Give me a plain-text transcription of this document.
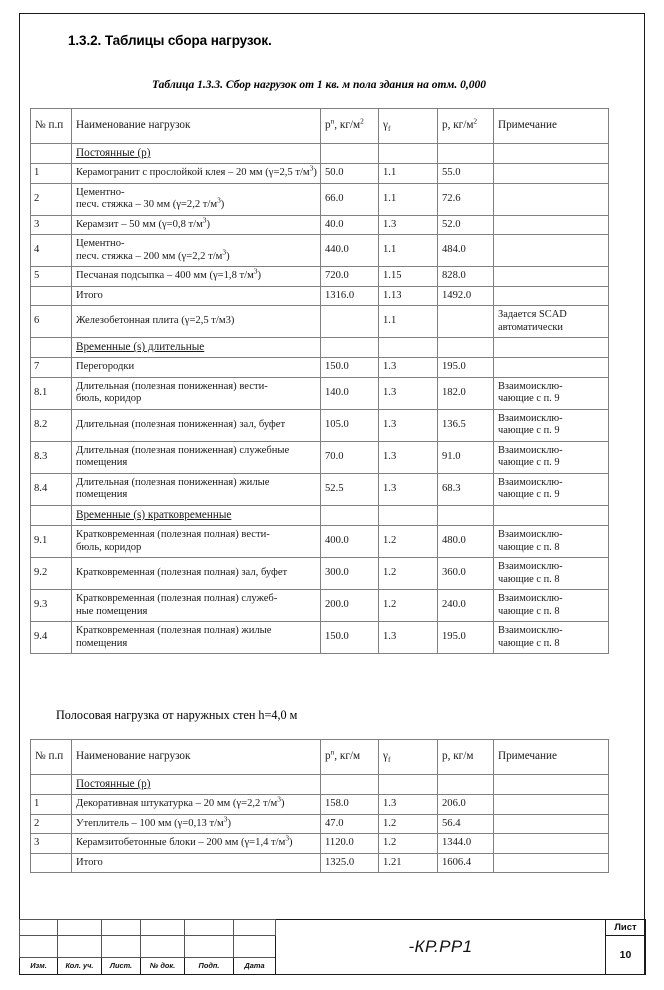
1.3.2. Таблицы сбора нагрузок.
Таблица 1.3.3. Сбор нагрузок от 1 кв. м пола здания на отм. 0,000
№ п.п	Наименование нагрузок	$p^n$, $кг/м^2$	$\gamma_f$	p, $кг/м^2$	Примечание
	Постоянные (p)				
1	Керамогранит с прослойкой клея – 20 мм (γ=2,5 $т/м^3$)	50.0	1.1	55.0	
2	Цементно-
песч. стяжка – 30 мм (γ=2,2 $т/м^3$)	66.0	1.1	72.6	
3	Керамзит – 50 мм (γ=0,8 $т/м^3$)	40.0	1.3	52.0	
4	Цементно-
песч. стяжка – 200 мм (γ=2,2 $т/м^3$)	440.0	1.1	484.0	
5	Песчаная подсыпка – 400 мм (γ=1,8 $т/м^3$)	720.0	1.15	828.0	
	Итого	1316.0	1.13	1492.0	
6	Железобетонная плита (γ=2,5 т/м3)		1.1		Задается SCAD автоматически
	Временные (s) длительные				
7	Перегородки	150.0	1.3	195.0	
8.1	Длительная (полезная пониженная) вести-
бюль, коридор	140.0	1.3	182.0	Взаимоисклю-
чающие с п. 9
8.2	Длительная (полезная пониженная) зал, буфет	105.0	1.3	136.5	Взаимоисклю-
чающие с п. 9
8.3	Длительная (полезная пониженная) служебные помещения	70.0	1.3	91.0	Взаимоисклю-
чающие с п. 9
8.4	Длительная (полезная пониженная) жилые помещения	52.5	1.3	68.3	Взаимоисклю-
чающие с п. 9
	Временные (s) кратковременные				
9.1	Кратковременная (полезная полная) вести-
бюль, коридор	400.0	1.2	480.0	Взаимоисклю-
чающие с п. 8
9.2	Кратковременная (полезная полная) зал, буфет	300.0	1.2	360.0	Взаимоисклю-
чающие с п. 8
9.3	Кратковременная (полезная полная) служеб-
ные помещения	200.0	1.2	240.0	Взаимоисклю-
чающие с п. 8
9.4	Кратковременная (полезная полная) жилые помещения	150.0	1.3	195.0	Взаимоисклю-
чающие с п. 8
Полосовая нагрузка от наружных стен h=4,0 м
№ п.п	Наименование нагрузок	$p^n$, кг/м	$\gamma_f$	p, кг/м	Примечание
	Постоянные (p)				
1	Декоративная штукатурка – 20 мм (γ=2,2 $т/м^3$)	158.0	1.3	206.0	
2	Утеплитель – 100 мм (γ=0,13 $т/м^3$)	47.0	1.2	56.4	
3	Керамзитобетонные блоки – 200 мм (γ=1,4 $т/м^3$)	1120.0	1.2	1344.0	
	Итого	1325.0	1.21	1606.4	
						-КР.РР1	Лист
							10
Изм.	Кол. уч.	Лист.	№ док.	Подп.	Дата		
